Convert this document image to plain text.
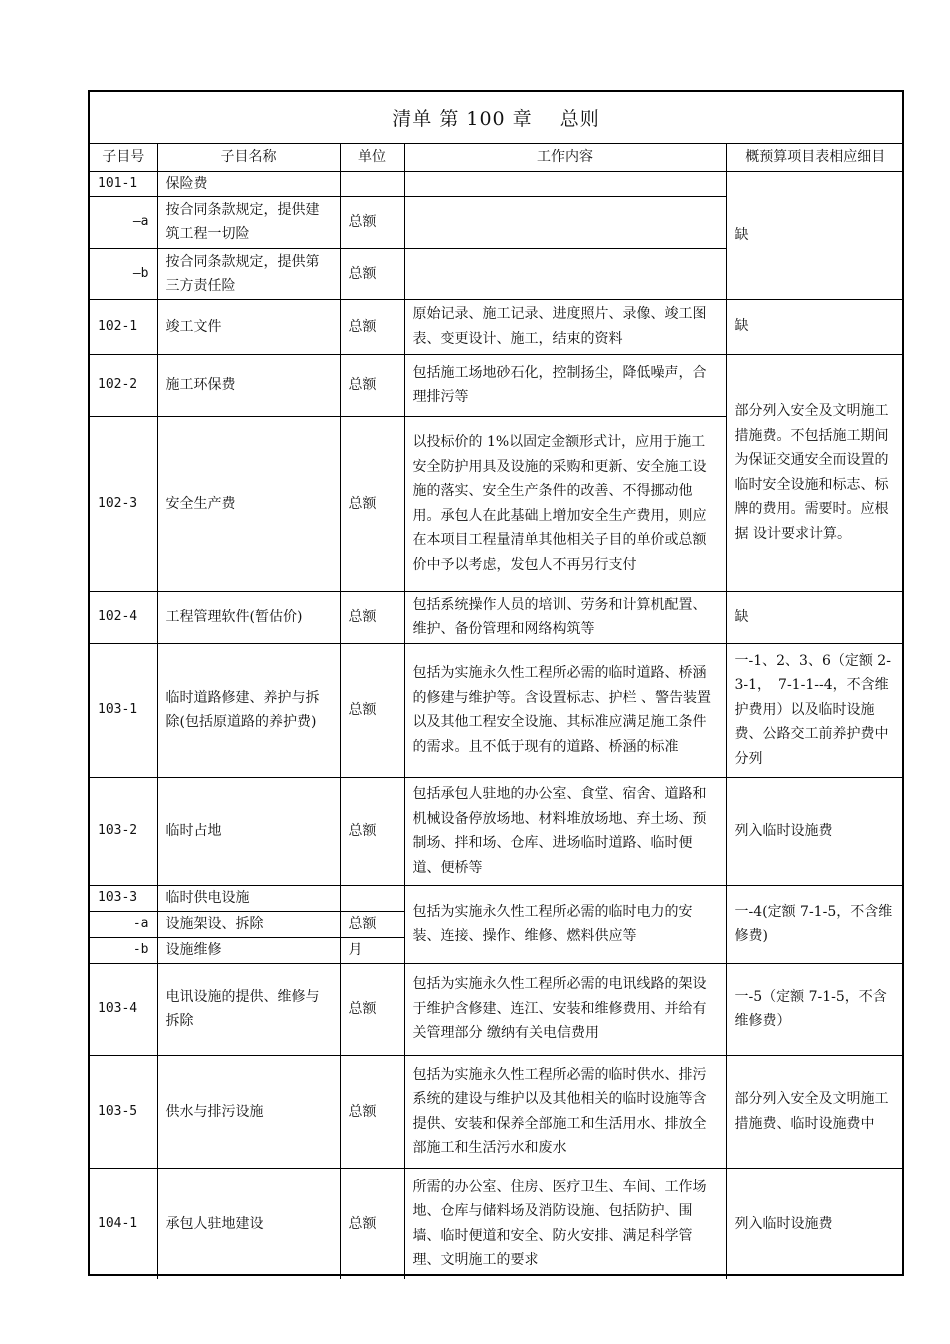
清单 第 100 章　 总则
子目号	子目名称	单位	工作内容	概预算项目表相应细目
101-1	保险费			缺
—a	按合同条款规定，提供建筑工程一切险	总额		
—b	按合同条款规定，提供第三方责任险	总额		
102-1	竣工文件	总额	原始记录、施工记录、进度照片、录像、竣工图表、变更设计、施工，结束的资料	缺
102-2	施工环保费	总额	包括施工场地砂石化，控制扬尘，降低噪声，合理排污等	部分列入安全及文明施工措施费。不包括施工期间为保证交通安全而设置的临时安全设施和标志、标牌的费用。需要时。应根据 设计要求计算。
102-3	安全生产费	总额	以投标价的 1%以固定金额形式计，应用于施工安全防护用具及设施的采购和更新、安全施工设施的落实、安全生产条件的改善、不得挪动他用。承包人在此基础上增加安全生产费用，则应在本项目工程量清单其他相关子目的单价或总额价中予以考虑，发包人不再另行支付	
102-4	工程管理软件(暂估价)	总额	包括系统操作人员的培训、劳务和计算机配置、维护、备份管理和网络构筑等	缺
103-1	临时道路修建、养护与拆除(包括原道路的养护费)	总额	包括为实施永久性工程所必需的临时道路、桥涵的修建与维护等。含设置标志、护栏 、警告装置以及其他工程安全设施、其标准应满足施工条件的需求。且不低于现有的道路、桥涵的标准	一-1、2、3、6（定额 2-3-1，　7-1-1--4，不含维护费用）以及临时设施费、公路交工前养护费中分列
103-2	临时占地	总额	包括承包人驻地的办公室、食堂、宿舍、道路和机械设备停放场地、材料堆放场地、弃土场、预制场、拌和场、仓库、进场临时道路、临时便道、便桥等	列入临时设施费
103-3	临时供电设施		包括为实施永久性工程所必需的临时电力的安装、连接、操作、维修、燃料供应等	一-4(定额 7-1-5，不含维修费)
-a	设施架设、拆除	总额		
-b	设施维修	月		
103-4	电讯设施的提供、维修与拆除	总额	包括为实施永久性工程所必需的电讯线路的架设于维护含修建、连江、安装和维修费用、并给有关管理部分 缴纳有关电信费用	一-5（定额 7-1-5，不含维修费）
103-5	供水与排污设施	总额	包括为实施永久性工程所必需的临时供水、排污系统的建设与维护以及其他相关的临时设施等含提供、安装和保养全部施工和生活用水、排放全部施工和生活污水和废水	部分列入安全及文明施工措施费、临时设施费中
104-1	承包人驻地建设	总额	所需的办公室、住房、医疗卫生、车间、工作场地、仓库与储料场及消防设施、包括防护、围墙、临时便道和安全、防火安排、满足科学管理、文明施工的要求	列入临时设施费
